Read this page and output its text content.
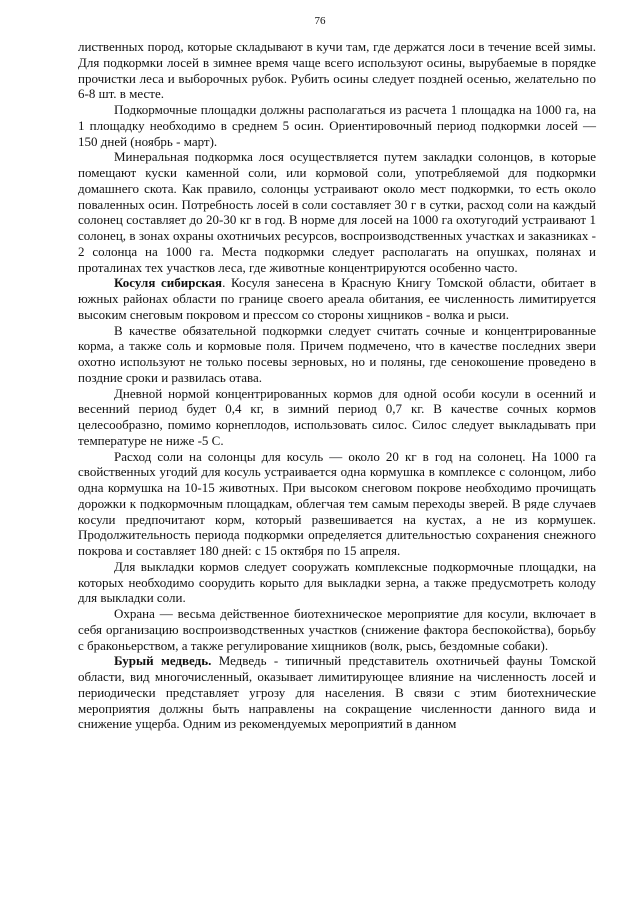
76

лиственных пород, которые складывают в кучи там, где держатся лоси в течение всей зимы. Для подкормки лосей в зимнее время чаще всего используют осины, вырубаемые в порядке прочистки леса и выборочных рубок. Рубить осины следует поздней осенью, желательно по 6-8 шт. в месте.

Подкормочные площадки должны располагаться из расчета 1 площадка на 1000 га, на 1 площадку необходимо в среднем 5 осин. Ориентировочный период подкормки лосей — 150 дней (ноябрь - март).

Минеральная подкормка лося осуществляется путем закладки солонцов, в которые помещают куски каменной соли, или кормовой соли, употребляемой для подкормки домашнего скота. Как правило, солонцы устраивают около мест подкормки, то есть около поваленных осин. Потребность лосей в соли составляет 30 г в сутки, расход соли на каждый солонец составляет до 20-30 кг в год. В норме для лосей на 1000 га охотугодий устраивают 1 солонец, в зонах охраны охотничьих ресурсов, воспроизводственных участках и заказниках - 2 солонца на 1000 га. Места подкормки следует располагать на опушках, полянах и проталинах тех участков леса, где животные концентрируются особенно часто.

Косуля сибирская. Косуля занесена в Красную Книгу Томской области, обитает в южных районах области по границе своего ареала обитания, ее численность лимитируется высоким снеговым покровом и прессом со стороны хищников - волка и рыси.

В качестве обязательной подкормки следует считать сочные и концентрированные корма, а также соль и кормовые поля. Причем подмечено, что в качестве последних звери охотно используют не только посевы зерновых, но и поляны, где сенокошение проведено в поздние сроки и развилась отава.

Дневной нормой концентрированных кормов для одной особи косули в осенний и весенний период будет 0,4 кг, в зимний период 0,7 кг. В качестве сочных кормов целесообразно, помимо корнеплодов, использовать силос. Силос следует выкладывать при температуре не ниже -5 С.

Расход соли на солонцы для косуль — около 20 кг в год на солонец. На 1000 га свойственных угодий для косуль устраивается одна кормушка в комплексе с солонцом, либо одна кормушка на 10-15 животных. При высоком снеговом покрове необходимо прочищать дорожки к подкормочным площадкам, облегчая тем самым переходы зверей. В ряде случаев косули предпочитают корм, который развешивается на кустах, а не из кормушек. Продолжительность периода подкормки определяется длительностью сохранения снежного покрова и составляет 180 дней: с 15 октября по 15 апреля.

Для выкладки кормов следует сооружать комплексные подкормочные площадки, на которых необходимо соорудить корыто для выкладки зерна, а также предусмотреть колоду для выкладки соли.

Охрана — весьма действенное биотехническое мероприятие для косули, включает в себя организацию воспроизводственных участков (снижение фактора беспокойства), борьбу с браконьерством, а также регулирование хищников (волк, рысь, бездомные собаки).

Бурый медведь. Медведь - типичный представитель охотничьей фауны Томской области, вид многочисленный, оказывает лимитирующее влияние на численность лосей и периодически представляет угрозу для населения. В связи с этим биотехнические мероприятия должны быть направлены на сокращение численности данного вида и снижение ущерба. Одним из рекомендуемых мероприятий в данном
